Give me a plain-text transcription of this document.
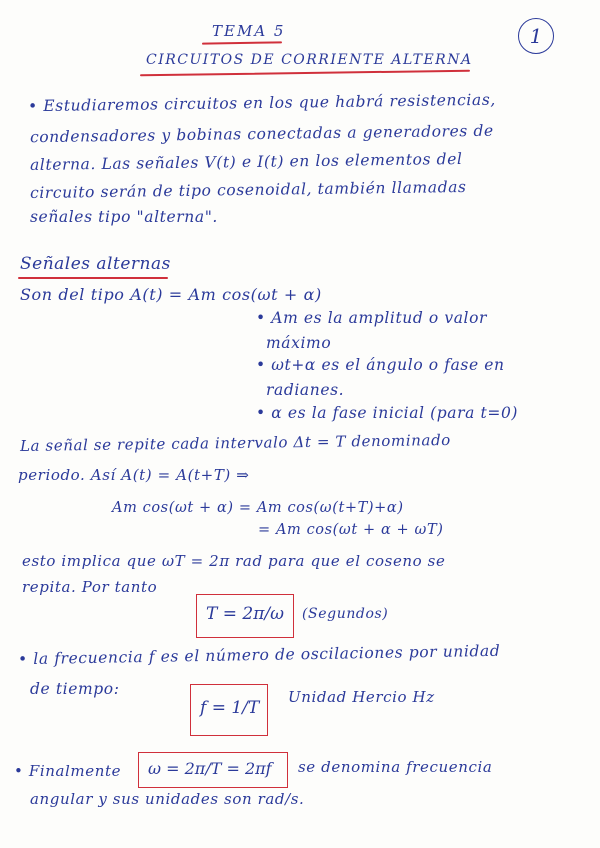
TEMA 5	1
CIRCUITOS DE CORRIENTE ALTERNA
• Estudiaremos circuitos en los que habrá resistencias,
condensadores y bobinas conectadas a generadores de
alterna. Las señales V(t) e I(t) en los elementos del
circuito serán de tipo cosenoidal, también llamadas
señales tipo "alterna".
Señales alternas
Son del tipo A(t) = Am cos(ωt + α)
• Am es la amplitud o valor
máximo
• ωt+α es el ángulo o fase en
radianes.
• α es la fase inicial (para t=0)
La señal se repite cada intervalo Δt = T denominado
periodo. Así A(t) = A(t+T) ⇒
Am cos(ωt + α) = Am cos(ω(t+T)+α)
= Am cos(ωt + α + ωT)
esto implica que ωT = 2π rad para que el coseno se
repita. Por tanto
T = 2π/ω (Segundos)
• la frecuencia f es el número de oscilaciones por unidad
de tiempo:
f = 1/T
Unidad Hercio Hz
• Finalmente ω = 2π/T = 2πf se denomina frecuencia
angular y sus unidades son rad/s.
